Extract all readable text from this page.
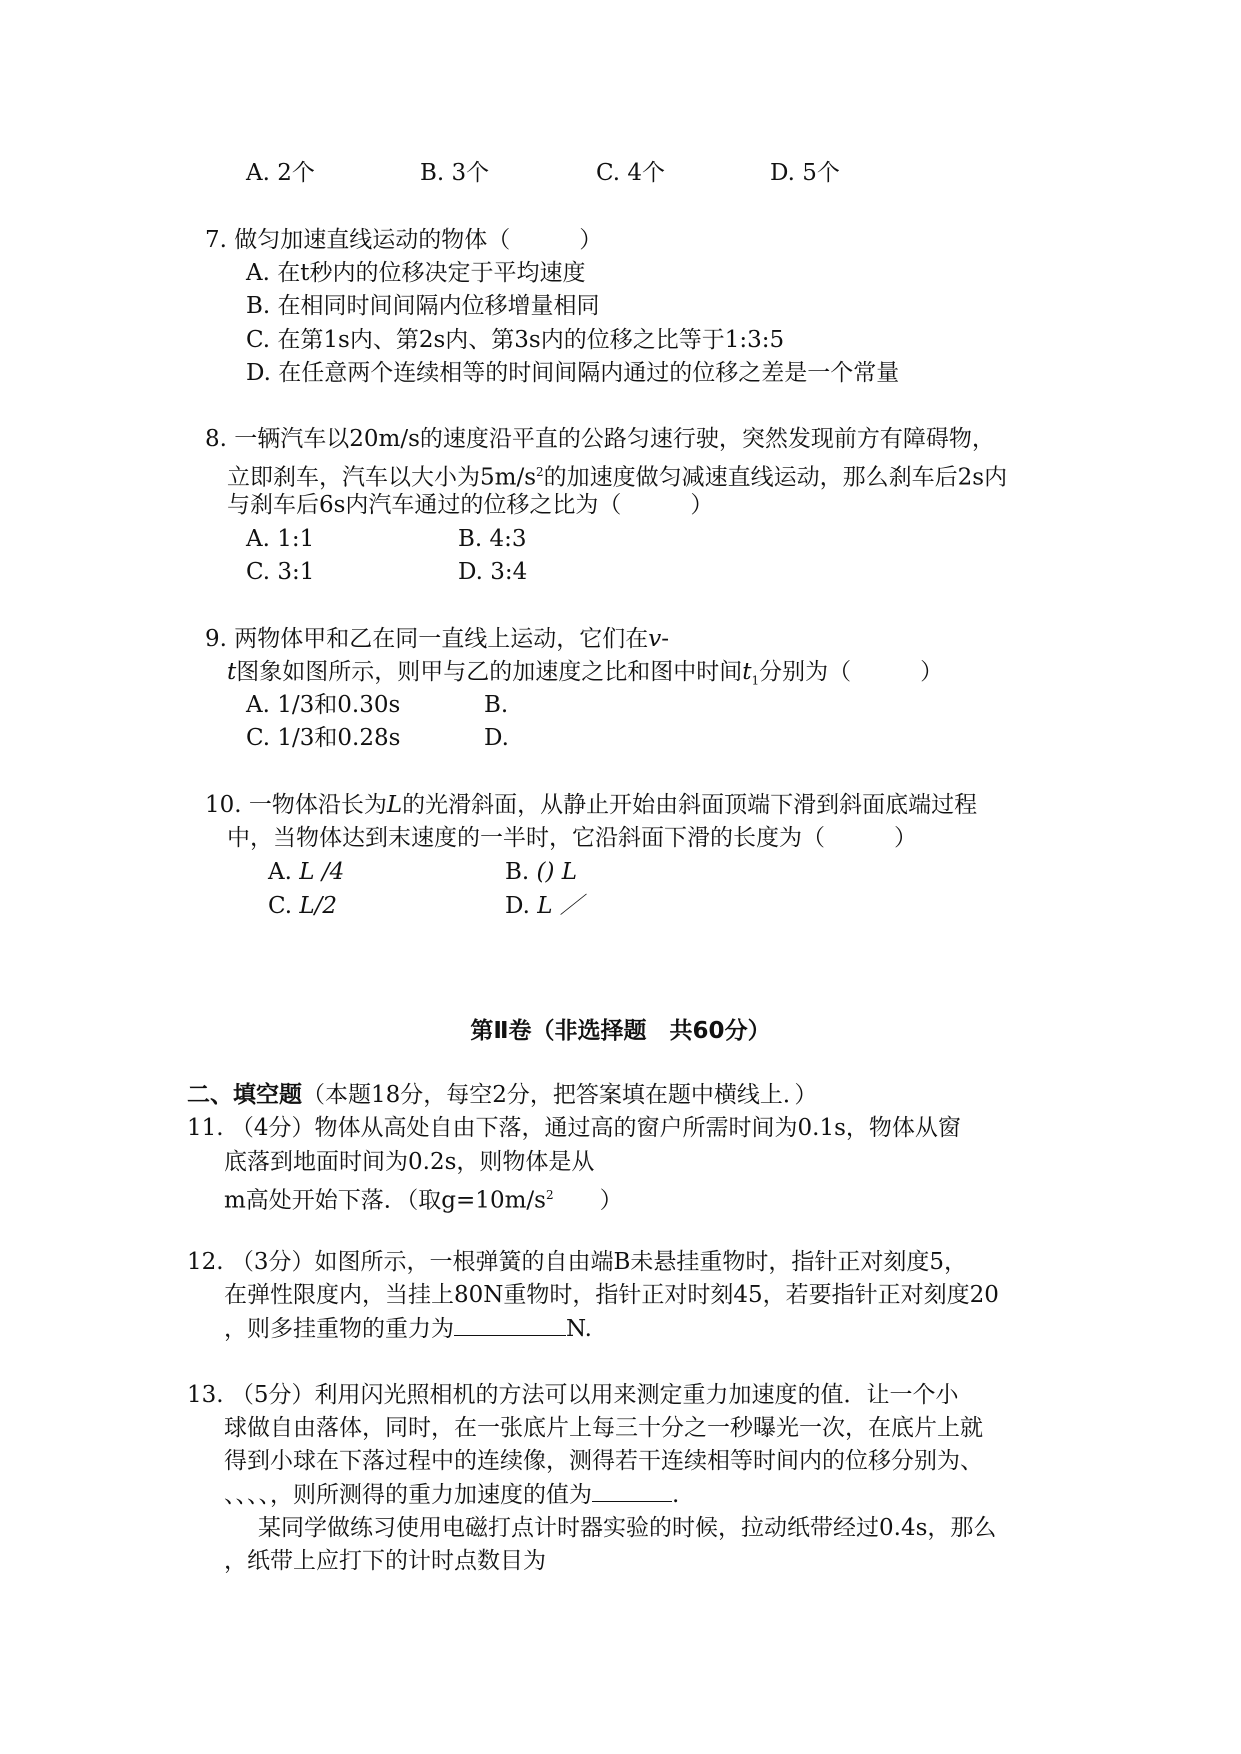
A. 2个	B. 3个	C. 4个	D. 5个
7. 做匀加速直线运动的物体（　　　）
A. 在t秒内的位移决定于平均速度
B. 在相同时间间隔内位移增量相同
C. 在第1s内、第2s内、第3s内的位移之比等于1:3:5
D. 在任意两个连续相等的时间间隔内通过的位移之差是一个常量
8. 一辆汽车以20m/s的速度沿平直的公路匀速行驶，突然发现前方有障碍物，
立即刹车，汽车以大小为$5m/s^2$的加速度做匀减速直线运动，那么刹车后2s内
与刹车后6s内汽车通过的位移之比为（　　　）
A. 1:1	B. 4:3
C. 3:1	D. 3:4
9. 两物体甲和乙在同一直线上运动，它们在v-
t图象如图所示，则甲与乙的加速度之比和图中时间$t_1$分别为（　　　）
A. 1/3和0.30s	B.
C. 1/3和0.28s	D.
10. 一物体沿长为L的光滑斜面，从静止开始由斜面顶端下滑到斜面底端过程
中，当物体达到末速度的一半时，它沿斜面下滑的长度为（　　　）
A. L /4	B. () L
C. L/2	D. L ／
第Ⅱ卷（非选择题　共60分）
二、填空题（本题18分，每空2分，把答案填在题中横线上．）
11. （4分）物体从高处自由下落，通过高的窗户所需时间为0.1s，物体从窗
底落到地面时间为0.2s，则物体是从
m高处开始下落．（取$g=10m/s^2$　　）
12. （3分）如图所示，一根弹簧的自由端B未悬挂重物时，指针正对刻度5，
在弹性限度内，当挂上80N重物时，指针正对时刻45，若要指针正对刻度20
，则多挂重物的重力为	N.
13. （5分）利用闪光照相机的方法可以用来测定重力加速度的值．让一个小
球做自由落体，同时，在一张底片上每三十分之一秒曝光一次，在底片上就
得到小球在下落过程中的连续像，测得若干连续相等时间内的位移分别为、
、、、、，则所测得的重力加速度的值为	.
某同学做练习使用电磁打点计时器实验的时候，拉动纸带经过0.4s，那么
，纸带上应打下的计时点数目为
